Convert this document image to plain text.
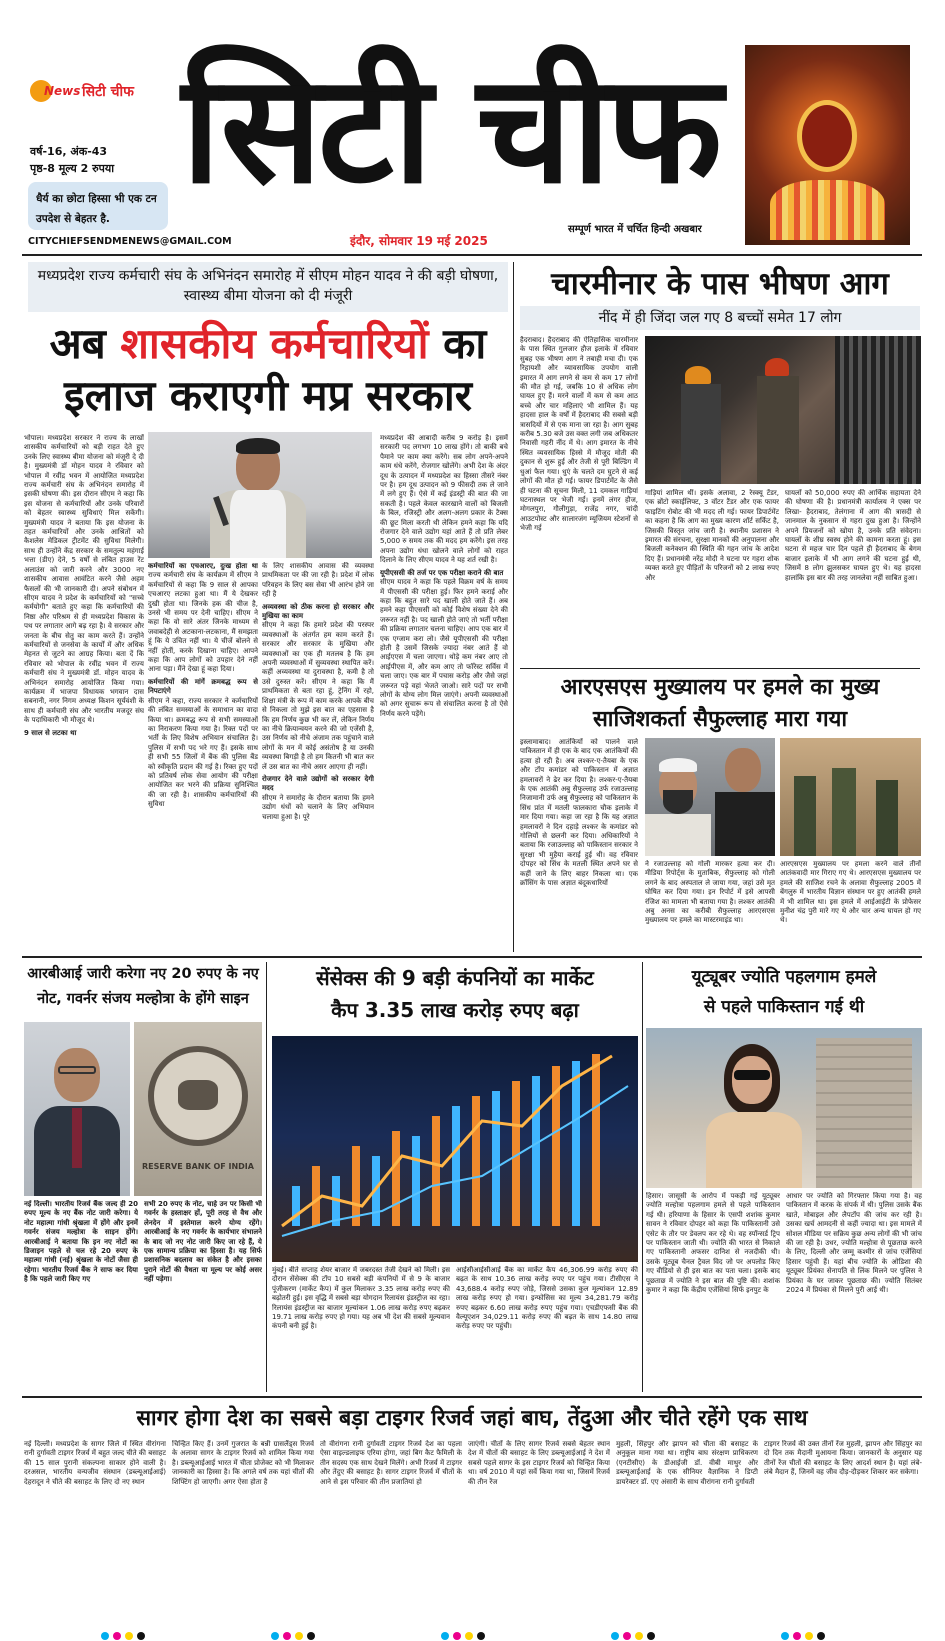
News सिटी चीफ
वर्ष-16, अंक-43
पृष्ठ-8 मूल्य 2 रुपया
धैर्य का छोटा हिस्सा भी एक टन उपदेश से बेहतर है.
CITYCHIEFSENDMENEWS@GMAIL.COM
सिटी चीफ
इंदौर, सोमवार 19 मई 2025
सम्पूर्ण भारत में चर्चित हिन्दी अखबार
मध्यप्रदेश राज्य कर्मचारी संघ के अभिनंदन समारोह में सीएम मोहन यादव ने की बड़ी घोषणा, स्वास्थ्य बीमा योजना को दी मंजूरी
अब शासकीय कर्मचारियों का
इलाज कराएगी मप्र सरकार
भोपाल। मध्यप्रदेश सरकार ने राज्य के लाखों शासकीय कर्मचारियों को बड़ी राहत देते हुए उनके लिए स्वास्थ्य बीमा योजना को मंजूरी दे दी है। मुख्यमंत्री डॉ मोहन यादव ने रविवार को भोपाल में रवींद्र भवन में आयोजित मध्यप्रदेश राज्य कर्मचारी संघ के अभिनंदन समारोह में इसकी घोषणा की। इस दौरान सीएम ने कहा कि इस योजना से कर्मचारियों और उनके परिवारों को बेहतर स्वास्थ्य सुविधाएं मिल सकेंगी। मुख्यमंत्री यादव ने बताया कि इस योजना के तहत कर्मचारियों और उनके आश्रितों को कैशलेस मेडिकल ट्रीटमेंट की सुविधा मिलेगी। साथ ही उन्होंने केंद्र सरकार के समतुल्य महंगाई भत्ता (डीए) देने, 5 वर्षों से लंबित हाउस रेंट अलाउंस को जारी करने और 3000 नए शासकीय आवास आवंटित करने जैसे अहम फैसलों की भी जानकारी दी। अपने संबोधन में सीएम यादव ने प्रदेश के कर्मचारियों को "सच्चे कर्मयोगी" बताते हुए कहा कि कर्मचारियों की निष्ठा और परिश्रम से ही मध्यप्रदेश विकास के पथ पर लगातार आगे बढ़ रहा है। वे सरकार और जनता के बीच सेतु का काम करते हैं। उन्होंने कर्मचारियों से जनसेवा के कार्यों में और अधिक मेहनत से जुटने का आग्रह किया। बता दें कि रविवार को भोपाल के रवींद्र भवन में राज्य कर्मचारी संघ ने मुख्यमंत्री डॉ. मोहन यादव के अभिनंदन समारोह आयोजित किया गया। कार्यक्रम में भाजपा विधायक भगवान दास सबनानी, नगर निगम अध्यक्ष किशन सूर्यवंशी के साथ ही कर्मचारी संघ और भारतीय मजदूर संघ के पदाधिकारी भी मौजूद थे।
9 साल से लटका था
कर्मचारियों का एचआरए, दुःख होता था राज्य कर्मचारी संघ के कार्यक्रम में सीएम ने कर्मचारियों से कहा कि 9 साल से आपका एचआरए लटका हुआ था। मैं ये देखकर दुखी होता था। जिनके हक की चीज है, उनसे भी समय पर देनी चाहिए। सीएम ने कहा कि वो सारे अंतर जिनके माध्यम से जवाबदेही से अटकाना-लटकाना, मैं समझता हूं कि ये उचित नहीं था। ये चीजें बोलने से नहीं होतीं, करके दिखाना चाहिए। आपने कहा कि आप लोगों को उपहार देने नहीं आना पड़ा। मैंने देखा हूं कहा दिया।
कर्मचारियों की मांगें क्रमबद्ध रूप से निपटाएंगे
सीएम ने कहा, राज्य सरकार ने कर्मचारियों की लंबित समस्याओं के समाधान का वादा किया था। क्रमबद्ध रूप से सभी समस्याओं का निराकरण किया गया है। रिक्त पदों पर भर्ती के लिए विशेष अभियान संचालित है। पुलिस में सभी पद भरे गए हैं। इसके साथ ही सभी 55 जिलों में बैंक की पुलिस बैंड को स्वीकृति प्रदान की गई है। रिक्त हुए पदों को प्रतिवर्ष लोक सेवा आयोग की परीक्षा आयोजित कर भरने की प्रक्रिया सुनिश्चित की जा रही है। शासकीय कर्मचारियों की सुविधा
के लिए शासकीय आवास की व्यवस्था प्राथमिकता पर की जा रही है। प्रदेश में लोक परिवहन के लिए बस सेवा भी आरंभ होने जा रही है
अव्यवस्था को ठीक करना हो सरकार और मुखिया का काम
सीएम ने कहा कि हमारे प्रदेश की परस्पर व्यवस्थाओं के अंतर्गत हम काम करते हैं। सरकार और सरकार के मुखिया और व्यवस्थाओं का एक ही मतलब है कि हम अपनी व्यवस्थाओं में सुव्यवस्था स्थापित करें। कहीं अव्यवस्था या दुरावस्था है, कमी है तो उसे दुरुस्त करें। सीएम ने कहा कि मैं प्राथमिकता से बता रहा हूं, ट्रेनिंग में रहो, शिक्षा मंत्री के रूप में काम करके आपके बीच से निकला तो मुझे इस बात का एहसास है कि हम निर्णय कुछ भी कर लें, लेकिन निर्णय का नीचे क्रियान्वयन करने की जो एजेंसी है, उस निर्णय को नीचे अंजाम तक पहुंचाने वाले लोगों के मन में कोई असंतोष है या उनकी व्यवस्था बिगड़ी है तो हम कितनी भी बात कर लें उस बात का नीचे असर आएगा ही नहीं।
रोजगार देने वाले उद्योगों को सरकार देगी मदद
सीएम ने समारोह के दौरान बताया कि हमने उद्योग धंधों को चलाने के लिए अभियान चलाया हुआ है। पूरे
मध्यप्रदेश की आबादी करीब 9 करोड़ है। इसमें सरकारी पद लगभग 10 लाख होंगे। तो बाकी बचे पैमाने पर काम क्या करेंगे। सब लोग अपने-अपने काम धंधे करेंगे, रोजगार खोलेंगे। अभी देश के अंदर दूध के उत्पादन में मध्यप्रदेश का हिस्सा तीसरे नंबर पर है। हम दूध उत्पादन को 9 फीसदी तक ले जाने में लगे हुए हैं। ऐसे में कई इंडस्ट्री की बात की जा सकती है। पहले केवल कारखाने वालों को बिजली के बिल, रजिस्ट्री और अलग-अलग प्रकार के टैक्स की छूट मिला करती थी लेकिन हमने कहा कि यदि रोजगार देने वाले उद्योग यहां आते हैं तो प्रति लेबर 5,000 रु समय तक की मदद हम करेंगे। इस तरह अपना उद्योग धंधा खोलने वाले लोगों को राहत दिलाने के लिए सीएम यादव ने यह शर्त रखी है।
यूपीएससी की तर्ज पर एक परीक्षा कराने की बात
सीएम यादव ने कहा कि पहले विक्रम वर्ष के समय में पीएससी की परीक्षा हुई। फिर हमने कराई और कहा कि बहुत सारे पद खाली होते जाते हैं। अब हमने कहा पीएससी को कोई विशेष संख्या देने की जरूरत नहीं है। पद खाली होते जाएं तो भर्ती परीक्षा की प्रक्रिया लगातार चलना चाहिए। आप एक बार में एक एग्जाम करा लो। जैसे यूपीएससी की परीक्षा होती है उसमें जिसके ज्यादा नंबर आते हैं वो आईएएस में चला जाएगा। थोड़े कम नंबर आए तो आईपीएस में, और कम आए तो फॉरेस्ट सर्विस में चला जाए। एक बार में पचास करोड़ और जैसे जहां जरूरत पड़े वहां भेजते जाओ। सारे पदों पर सभी लोगों के योग्य लोग मिल जाएंगे। अपनी व्यवस्थाओं को अगर सुचारू रूप से संचालित करना है तो ऐसे निर्णय करने पड़ेंगे।
चारमीनार के पास भीषण आग
नींद में ही जिंदा जल गए 8 बच्चों समेत 17 लोग
हैदराबाद। हैदराबाद की ऐतिहासिक चारमीनार के पास स्थित गुलजार हौज इलाके में रविवार सुबह एक भीषण आग ने तबाही मचा दी। एक रिहायशी और व्यावसायिक उपयोग वाली इमारत में आग लगने से कम से कम 17 लोगों की मौत हो गई, जबकि 10 से अधिक लोग घायल हुए हैं। मरने वालों में कम से कम आठ बच्चे और चार महिलाएं भी शामिल हैं। यह हादसा हाल के वर्षों में हैदराबाद की सबसे बड़ी त्रासदियों में से एक माना जा रहा है। आग सुबह करीब 5.30 बजे उस वक्त लगी जब अधिकतर निवासी गहरी नींद में थे। आग इमारत के नीचे स्थित व्यवसायिक हिस्से में मौजूद मोती की दुकान से शुरू हुई और तेजी से पूरी बिल्डिंग में धुआं फैल गया। धुएं के चलते दम घुटने से कई लोगों की मौत हो गई। फायर डिपार्टमेंट के जैसे ही घटना की सूचना मिली, 11 दमकल गाड़ियां घटनास्थल पर भेजी गईं। इनमें लंगर हौज, मोगलपुरा, गौलीगुड़ा, राजेंद्र नगर, चांदी आउटपोस्ट और सालारजंग म्यूजियम स्टेशनों से भेजी गई
गाड़ियां शामिल थीं। इसके अलावा, 2 रेस्क्यू टेंडर, एक ब्रोंटो स्काईलिफ्ट, 3 वॉटर टैंडर और एक फायर फाइटिंग रोबोट की भी मदद ली गई। फायर डिपार्टमेंट का कहना है कि आग का मुख्य कारण शॉर्ट सर्किट है, जिसकी विस्तृत जांच जारी है। स्थानीय प्रशासन ने इमारत की संरचना, सुरक्षा मानकों की अनुपालना और बिजली कनेक्शन की स्थिति की गहन जांच के आदेश दिए हैं। प्रधानमंत्री नरेंद्र मोदी ने घटना पर गहरा शोक व्यक्त करते हुए पीड़ितों के परिजनों को 2 लाख रुपए और
घायलों को 50,000 रुपए की आर्थिक सहायता देने की घोषणा की है। प्रधानमंत्री कार्यालय ने एक्स पर लिखा- हैदराबाद, तेलंगाना में आग की त्रासदी से जानमाल के नुकसान से गहरा दुख हुआ है। जिन्होंने अपने प्रियजनों को खोया है, उनके प्रति संवेदना। घायलों के शीघ्र स्वस्थ होने की कामना करता हूं। इस घटना से महज चार दिन पहले ही हैदराबाद के बेगम बाजार इलाके में भी आग लगने की घटना हुई थी, जिसमें 8 लोग झुलसकर घायल हुए थे। यह हादसा हालांकि इस बार की तरह जानलेवा नहीं साबित हुआ।
आरएसएस मुख्यालय पर हमले का मुख्य
साजिशकर्ता सैफुल्लाह मारा गया
इस्लामाबाद। आतंकियों को पालने वाले पाकिस्तान में ही एक के बाद एक आतंकियों की हत्या हो रही है। अब लश्कर-ए-तैयबा के एक और टॉप कमांडर को पाकिस्तान में अज्ञात हमलावरों ने ढेर कर दिया है। लश्कर-ए-तैयबा के एक आतंकी अबु सैफुल्लाह उर्फ रजाउल्लाह निजामानी उर्फ अबु सैफुल्लाह को पाकिस्तान के सिंध प्रांत में मतली फालकारा चौक इलाके में मार दिया गया। कहा जा रहा है कि यह अज्ञात हमलावरों ने दिन दहाड़े लश्कर के कमांडर को गोलियों से छलनी कर दिया। अधिकारियों ने बताया कि रजाउल्लाह को पाकिस्तान सरकार ने सुरक्षा भी मुहैया कराई हुई थी। वह रविवार दोपहर को सिंध के मतली स्थित अपने घर से कहीं जाने के लिए बाहर निकला था। एक क्रॉसिंग के पास अज्ञात बंदूकधारियों
ने रजाउल्लाह को गोली मारकर हत्या कर दी। मीडिया रिपोर्ट्स के मुताबिक, सैफुल्लाह को गोली लगने के बाद अस्पताल ले जाया गया, जहां उसे मृत घोषित कर दिया गया। इन रिपोर्ट में इसे आपसी रंजिश का मामला भी बताया गया है। लश्कर आतंकी अबु अनस का करीबी सैफुल्लाह आरएसएस मुख्यालय पर हमले का मास्टरमाइंड था।
आरएसएस मुख्यालय पर हमला करने वाले तीनों आतंकवादी मार गिराए गए थे। आरएसएस मुख्यालय पर हमले की साजिश रचने के अलावा सैफुल्लाह 2005 में बेंगलुरु में भारतीय विज्ञान संस्थान पर हुए आतंकी हमले में भी शामिल था। इस हमले में आईआईटी के प्रोफेसर मुनीश चंद्र पुरी मारे गए थे और चार अन्य घायल हो गए थे।
आरबीआई जारी करेगा नए 20 रुपए के नए नोट, गवर्नर संजय मल्होत्रा के होंगे साइन
RESERVE BANK OF INDIA
नई दिल्ली। भारतीय रिजर्व बैंक जल्द ही 20 रुपए मूल्य के नए बैंक नोट जारी करेगा। ये नोट महात्मा गांधी श्रृंखला में होंगे और इनमें गवर्नर संजय मल्होत्रा के साइन होंगे। आरबीआई ने बताया कि इन नए नोटों का डिजाइन पहले से चल रहे 20 रुपए के महात्मा गांधी (नई) श्रृंखला के नोटों जैसा ही रहेगा। भारतीय रिजर्व बैंक ने साफ कर दिया है कि पहले जारी किए गए
सभी 20 रुपए के नोट, चाहे उन पर किसी भी गवर्नर के हस्ताक्षर हों, पूरी तरह से वैध और लेनदेन में इस्तेमाल करने योग्य रहेंगे। आरबीआई के नए गवर्नर के कार्यभार संभालने के बाद जो नए नोट जारी किए जा रहे हैं, ये एक सामान्य प्रक्रिया का हिस्सा है। यह सिर्फ प्रशासनिक बदलाव का संकेत है और इसका पुराने नोटों की वैधता या मूल्य पर कोई असर नहीं पड़ेगा।
सेंसेक्स की 9 बड़ी कंपनियों का मार्केट
कैप 3.35 लाख करोड़ रुपए बढ़ा
मुंबई। बीते सप्ताह शेयर बाजार में जबरदस्त तेजी देखने को मिली। इस दौरान सेंसेक्स की टॉप 10 सबसे बड़ी कंपनियों में से 9 के बाजार पूंजीकरण (मार्केट कैप) में कुल मिलाकर 3.35 लाख करोड़ रुपए की बढ़ोतरी हुई। इस वृद्धि में सबसे बड़ा योगदान रिलायंस इंडस्ट्रीज का रहा। रिलायंस इंडस्ट्रीज का बाजार मूल्यांकन 1.06 लाख करोड़ रुपए बढ़कर 19.71 लाख करोड़ रुपए हो गया। यह अब भी देश की सबसे मूल्यवान कंपनी बनी हुई है।
आईसीआईसीआई बैंक का मार्केट कैप 46,306.99 करोड़ रुपए की बढ़त के साथ 10.36 लाख करोड़ रुपए पर पहुंच गया। टीसीएस ने 43,688.4 करोड़ रुपए जोड़े, जिससे उसका कुल मूल्यांकन 12.89 लाख करोड़ रुपए हो गया। इन्फोसिस का मूल्य 34,281.79 करोड़ रुपए बढ़कर 6.60 लाख करोड़ रुपए पहुंच गया। एचडीएफसी बैंक की वैल्यूएशन 34,029.11 करोड़ रुपए की बढ़त के साथ 14.80 लाख करोड़ रुपए पर पहुंची।
यूट्यूबर ज्योति पहलगाम हमले
से पहले पाकिस्तान गई थी
हिसार। जासूसी के आरोप में पकड़ी गई यूट्यूबर ज्योति मल्होत्रा पहलगाम हमले से पहले पाकिस्तान गई थी। हरियाणा के हिसार के एसपी शशांक कुमार सावन ने रविवार दोपहर को कहा कि पाकिस्तानी उसे एसेट के तौर पर डेवलप कर रहे थे। वह स्पॉन्सर्ड ट्रिप पर पाकिस्तान जाती थी। ज्योति की भारत से निकाले गए पाकिस्तानी अफसर दानिश से नजदीकी थी। उसके यूट्यूब चैनल ट्रैवल विद जो पर अपलोड किए गए वीडियो से ही इस बात का पता चला। इसके बाद पूछताछ में ज्योति ने इस बात की पुष्टि की। शशांक कुमार ने कहा कि केंद्रीय एजेंसियां सिर्फ इनपुट के
आधार पर ज्योति को गिरफ्तार किया गया है। वह पाकिस्तान में करक के संपर्क में थी। पुलिस उसके बैंक खाते, मोबाइल और लैपटॉप की जांच कर रही है। उसका खर्च आमदनी से कहीं ज्यादा था। इस मामले में सोशल मीडिया पर सक्रिय कुछ अन्य लोगों की भी जांच की जा रही है। उधर, ज्योति मल्होत्रा से पूछताछ करने के लिए, दिल्ली और जम्मू कश्मीर से जांच एजेंसियां हिसार पहुंची हैं। यहां बीच ज्योति के ओडिशा की यूट्यूबर प्रियंका सेनापति से लिंक मिलने पर पुलिस ने प्रियंका के घर जाकर पूछताछ की। ज्योति सितंबर 2024 में प्रियंका से मिलने पुरी आई थी।
सागर होगा देश का सबसे बड़ा टाइगर रिजर्व जहां बाघ, तेंदुआ और चीते रहेंगे एक साथ
नई दिल्ली। मध्यप्रदेश के सागर जिले में स्थित वीरांगना रानी दुर्गावती टाइगर रिजर्व में बहुत जल्द चीते की बसाहट की 15 साल पुरानी संकल्पना साकार होने वाली है। दरअसल, भारतीय वन्यजीव संस्थान (डब्ल्यूआईआई) देहरादून ने चीते की बसाहट के लिए दो नए स्थान
चिन्हित किए हैं। उनमें गुजरात के बन्नी ग्रासलैंड्स रिजर्व के अलावा सागर के टाइगर रिजर्व को शामिल किया गया है। डब्ल्यूआईआई भारत में चीता प्रोजेक्ट को भी मिलाकर जानकारी का हिस्सा है। कि अगले वर्ष तक यहां चीतों की शिफ्टिंग हो जाएगी। अगर ऐसा होता है
तो वीरांगना रानी दुर्गावती टाइगर रिजर्व देश का पहला ऐसा वाइल्डलाइफ एरिया होगा, जहां बिग कैट फैमिली के तीन सदस्य एक साथ देखने मिलेंगे। अभी रिजर्व में टाइगर और तेंदुए की बसाहट है। सागर टाइगर रिजर्व में चीतों के आने से इस परिवार की तीन प्रजातियां हो
जाएंगी। चीतों के लिए सागर रिजर्व सबसे बेहतर स्थान देश में चीतों की बसाहट के लिए डब्ल्यूआईआई ने देश में सबसे पहले सागर के इस टाइगर रिजर्व को चिन्हित किया था। वर्ष 2010 में यहां सर्वे किया गया था, जिसमें रिजर्व की तीन रेंज
मुहली, सिंहपुर और झापन को चीता की बसाहट के अनुकूल माना गया था। राष्ट्रीय बाघ संरक्षण प्राधिकरण (एनटीसीए) के डीआईजी डॉ. वीबी माथुर और डब्ल्यूआईआई के एक सीनियर वैज्ञानिक ने डिप्टी डायरेक्टर डॉ. एए अंसारी के साथ वीरांगना रानी दुर्गावती
टाइगर रिजर्व की उक्त तीनों रेंज मुहली, झापन और सिंहपुर का दो दिन तक मैदानी मुआयना किया। जानकारों के अनुसार यह तीनों रेंज चीतों की बसाहट के लिए आदर्श स्थान है। यहां लंबे-लंबे मैदान हैं, जिनमें वह जीव दौड़-दौड़कर शिकार कर सकेगा।
